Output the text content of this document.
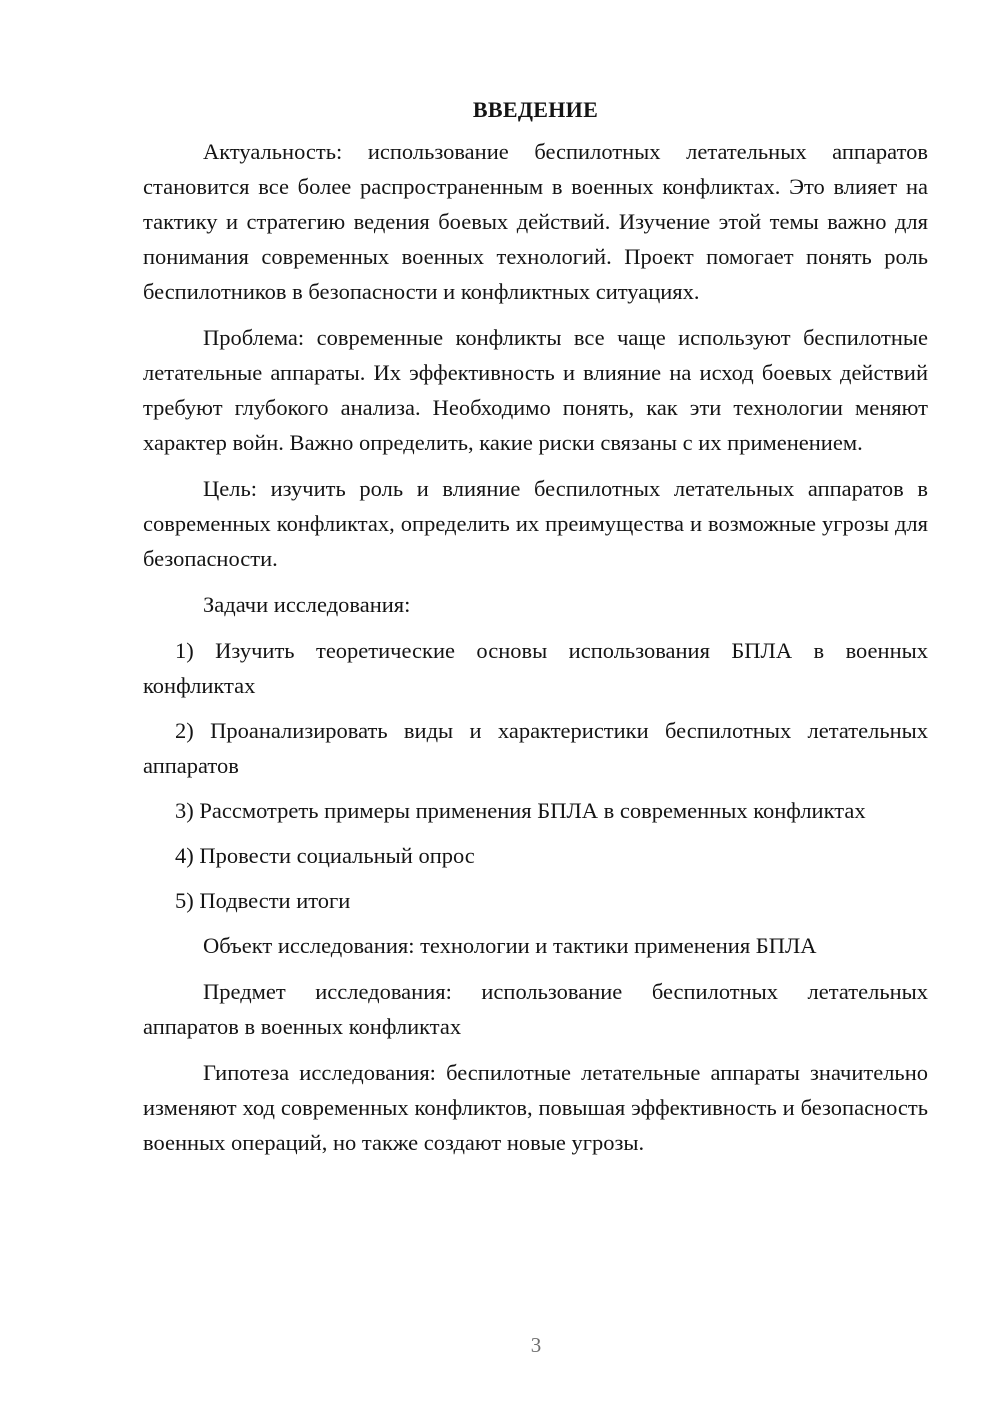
ВВЕДЕНИЕ

Актуальность: использование беспилотных летательных аппаратов становится все более распространенным в военных конфликтах. Это влияет на тактику и стратегию ведения боевых действий. Изучение этой темы важно для понимания современных военных технологий. Проект помогает понять роль беспилотников в безопасности и конфликтных ситуациях.

Проблема: современные конфликты все чаще используют беспилотные летательные аппараты. Их эффективность и влияние на исход боевых действий требуют глубокого анализа. Необходимо понять, как эти технологии меняют характер войн. Важно определить, какие риски связаны с их применением.

Цель: изучить роль и влияние беспилотных летательных аппаратов в современных конфликтах, определить их преимущества и возможные угрозы для безопасности.

Задачи исследования:

1) Изучить теоретические основы использования БПЛА в военных конфликтах

2) Проанализировать виды и характеристики беспилотных летательных аппаратов

3) Рассмотреть примеры применения БПЛА в современных конфликтах

4) Провести социальный опрос

5) Подвести итоги

Объект исследования: технологии и тактики применения БПЛА

Предмет исследования: использование беспилотных летательных аппаратов в военных конфликтах

Гипотеза исследования: беспилотные летательные аппараты значительно изменяют ход современных конфликтов, повышая эффективность и безопасность военных операций, но также создают новые угрозы.

3
